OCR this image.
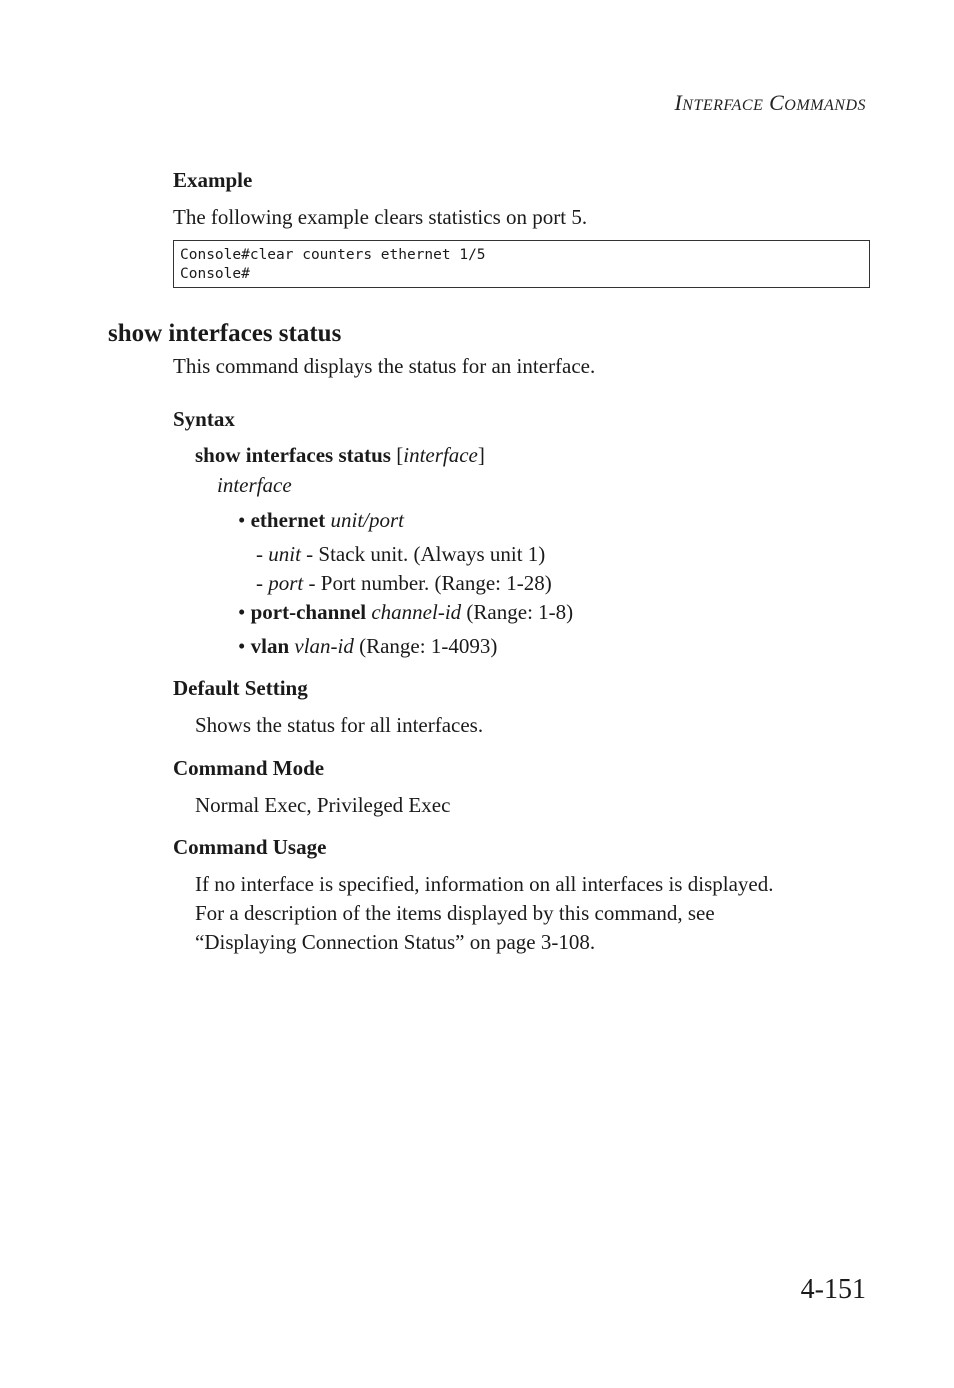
INTERFACE COMMANDS
Example
The following example clears statistics on port 5.
Console#clear counters ethernet 1/5
Console#
show interfaces status
This command displays the status for an interface.
Syntax
show interfaces status [interface]
interface
• ethernet unit/port
- unit - Stack unit. (Always unit 1)
- port - Port number. (Range: 1-28)
• port-channel channel-id (Range: 1-8)
• vlan vlan-id (Range: 1-4093)
Default Setting
Shows the status for all interfaces.
Command Mode
Normal Exec, Privileged Exec
Command Usage
If no interface is specified, information on all interfaces is displayed.
For a description of the items displayed by this command, see
“Displaying Connection Status” on page 3-108.
4-151
